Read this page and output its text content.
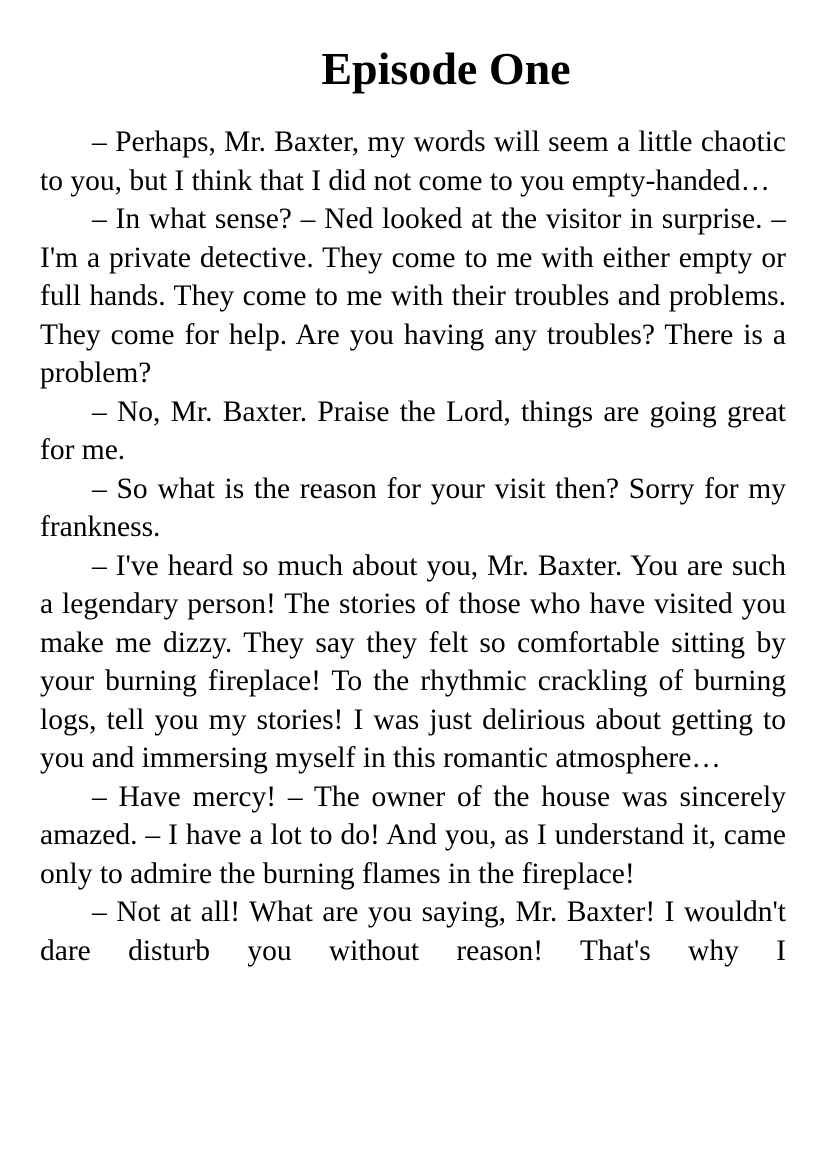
Episode One

– Perhaps, Mr. Baxter, my words will seem a little chaotic to you, but I think that I did not come to you empty-handed…

– In what sense? – Ned looked at the visitor in surprise. – I'm a private detective. They come to me with either empty or full hands. They come to me with their troubles and problems. They come for help. Are you having any troubles? There is a problem?

– No, Mr. Baxter. Praise the Lord, things are going great for me.

– So what is the reason for your visit then? Sorry for my frankness.

– I've heard so much about you, Mr. Baxter. You are such a legendary person! The stories of those who have visited you make me dizzy. They say they felt so comfortable sitting by your burning fireplace! To the rhythmic crackling of burning logs, tell you my stories! I was just delirious about getting to you and immersing myself in this romantic atmosphere…

– Have mercy! – The owner of the house was sincerely amazed. – I have a lot to do! And you, as I understand it, came only to admire the burning flames in the fireplace!

– Not at all! What are you saying, Mr. Baxter! I wouldn't dare disturb you without reason! That's why I
